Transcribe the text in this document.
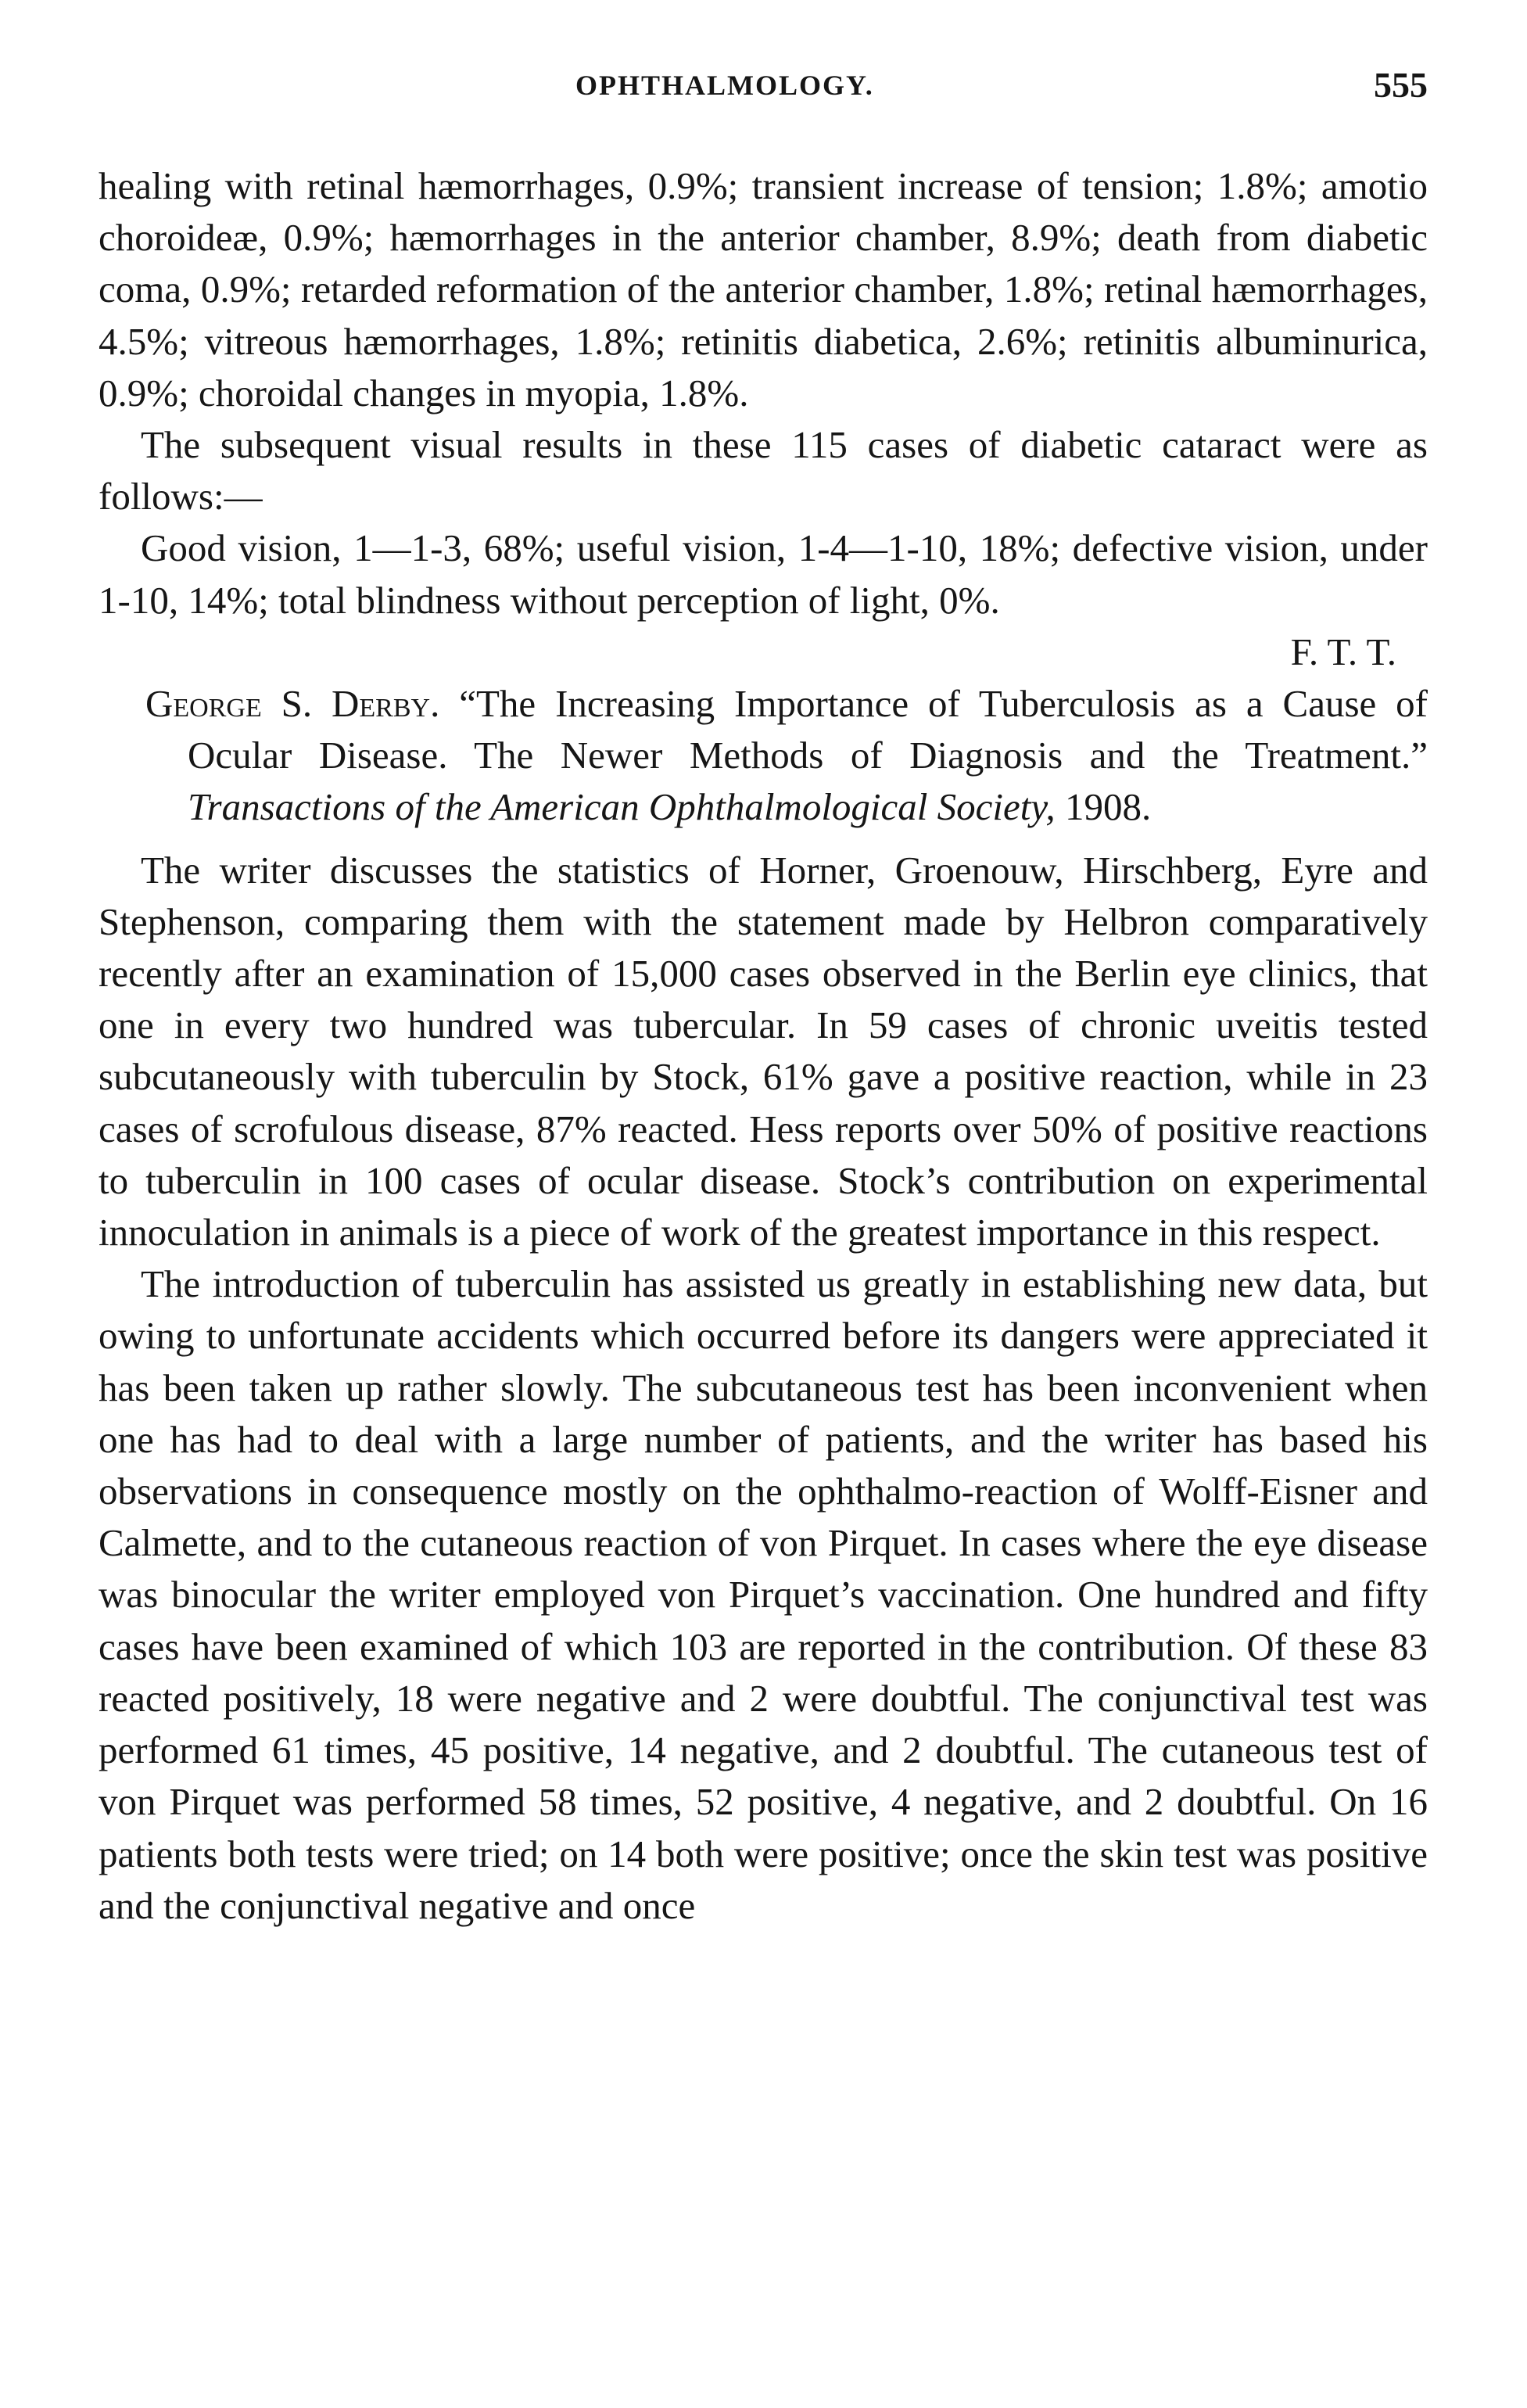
OPHTHALMOLOGY.	555

healing with retinal hæmorrhages, 0.9%; transient increase of tension; 1.8%; amotio choroideæ, 0.9%; hæmorrhages in the anterior chamber, 8.9%; death from diabetic coma, 0.9%; retarded reformation of the anterior chamber, 1.8%; retinal hæmorrhages, 4.5%; vitreous hæmorrhages, 1.8%; retinitis diabetica, 2.6%; retinitis albuminurica, 0.9%; choroidal changes in myopia, 1.8%.

The subsequent visual results in these 115 cases of diabetic cataract were as follows:—

Good vision, 1—1-3, 68%; useful vision, 1-4—1-10, 18%; defective vision, under 1-10, 14%; total blindness without perception of light, 0%.

F. T. T.

George S. Derby. “The Increasing Importance of Tuberculosis as a Cause of Ocular Disease. The Newer Methods of Diagnosis and the Treatment.” Transactions of the American Ophthalmological Society, 1908.

The writer discusses the statistics of Horner, Groenouw, Hirschberg, Eyre and Stephenson, comparing them with the statement made by Helbron comparatively recently after an examination of 15,000 cases observed in the Berlin eye clinics, that one in every two hundred was tubercular. In 59 cases of chronic uveitis tested subcutaneously with tuberculin by Stock, 61% gave a positive reaction, while in 23 cases of scrofulous disease, 87% reacted. Hess reports over 50% of positive reactions to tuberculin in 100 cases of ocular disease. Stock’s contribution on experimental innoculation in animals is a piece of work of the greatest importance in this respect.

The introduction of tuberculin has assisted us greatly in establishing new data, but owing to unfortunate accidents which occurred before its dangers were appreciated it has been taken up rather slowly. The subcutaneous test has been inconvenient when one has had to deal with a large number of patients, and the writer has based his observations in consequence mostly on the ophthalmo-reaction of Wolff-Eisner and Calmette, and to the cutaneous reaction of von Pirquet. In cases where the eye disease was binocular the writer employed von Pirquet’s vaccination. One hundred and fifty cases have been examined of which 103 are reported in the contribution. Of these 83 reacted positively, 18 were negative and 2 were doubtful. The conjunctival test was performed 61 times, 45 positive, 14 negative, and 2 doubtful. The cutaneous test of von Pirquet was performed 58 times, 52 positive, 4 negative, and 2 doubtful. On 16 patients both tests were tried; on 14 both were positive; once the skin test was positive and the conjunctival negative and once
